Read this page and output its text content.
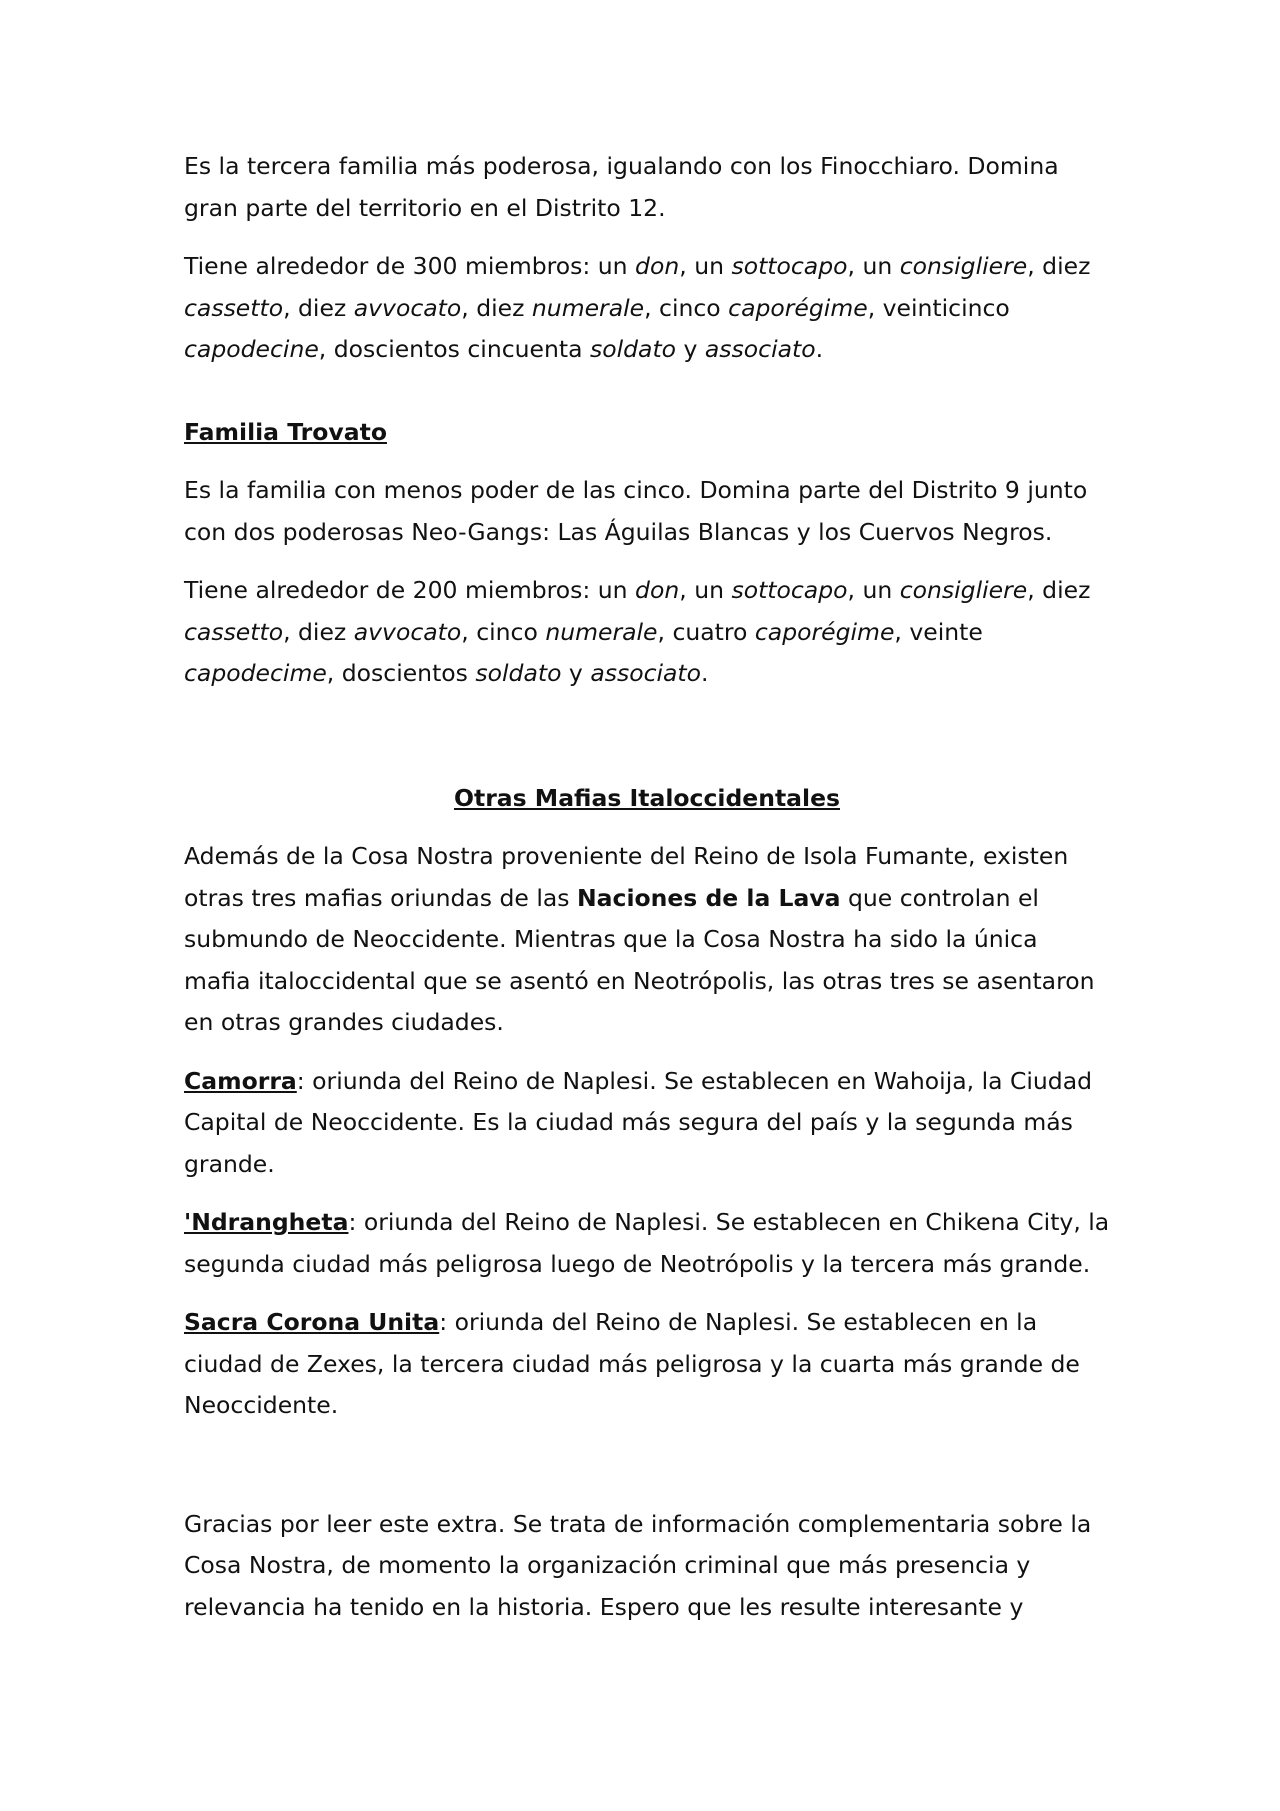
Es la tercera familia más poderosa, igualando con los Finocchiaro. Domina gran parte del territorio en el Distrito 12.

Tiene alrededor de 300 miembros: un don, un sottocapo, un consigliere, diez cassetto, diez avvocato, diez numerale, cinco caporégime, veinticinco capodecine, doscientos cincuenta soldato y associato.

Familia Trovato

Es la familia con menos poder de las cinco. Domina parte del Distrito 9 junto con dos poderosas Neo-Gangs: Las Águilas Blancas y los Cuervos Negros.

Tiene alrededor de 200 miembros: un don, un sottocapo, un consigliere, diez cassetto, diez avvocato, cinco numerale, cuatro caporégime, veinte capodecime, doscientos soldato y associato.

Otras Mafias Italoccidentales

Además de la Cosa Nostra proveniente del Reino de Isola Fumante, existen otras tres mafias oriundas de las Naciones de la Lava que controlan el submundo de Neoccidente. Mientras que la Cosa Nostra ha sido la única mafia italoccidental que se asentó en Neotrópolis, las otras tres se asentaron en otras grandes ciudades.

Camorra: oriunda del Reino de Naplesi. Se establecen en Wahoija, la Ciudad Capital de Neoccidente. Es la ciudad más segura del país y la segunda más grande.

'Ndrangheta: oriunda del Reino de Naplesi. Se establecen en Chikena City, la segunda ciudad más peligrosa luego de Neotrópolis y la tercera más grande.

Sacra Corona Unita: oriunda del Reino de Naplesi. Se establecen en la ciudad de Zexes, la tercera ciudad más peligrosa y la cuarta más grande de Neoccidente.

Gracias por leer este extra. Se trata de información complementaria sobre la Cosa Nostra, de momento la organización criminal que más presencia y relevancia ha tenido en la historia. Espero que les resulte interesante y
